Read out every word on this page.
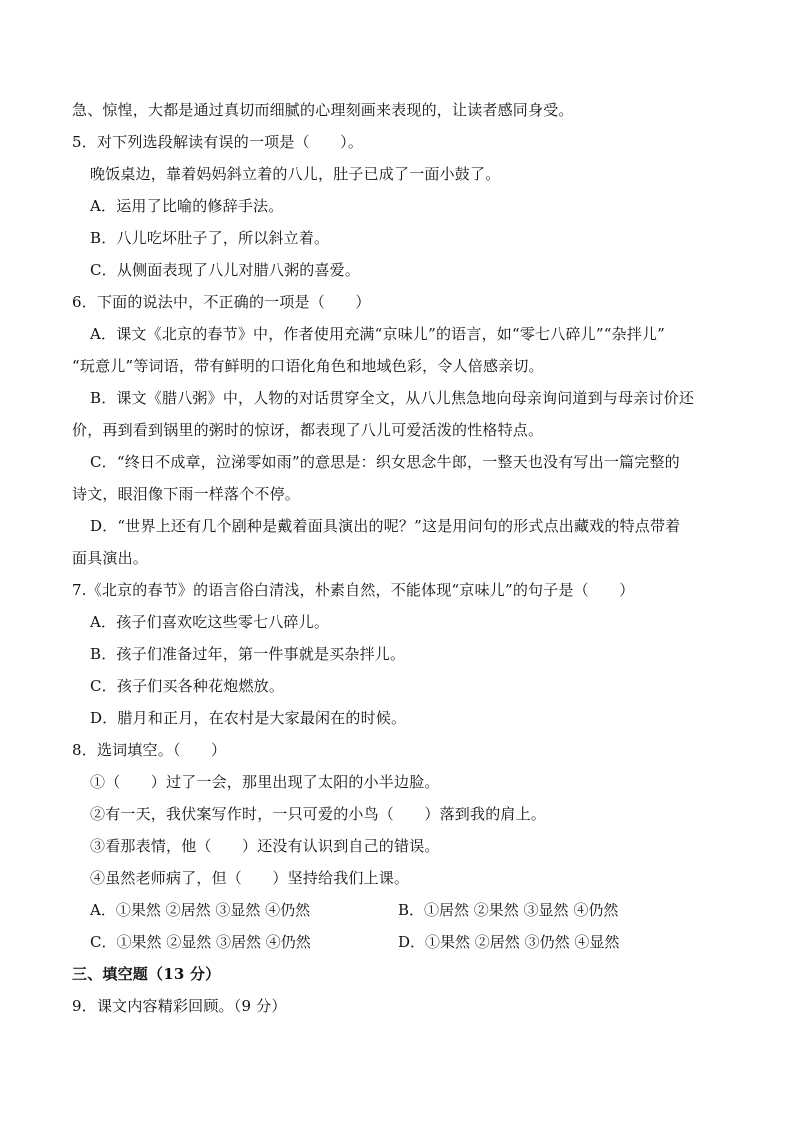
急、惊惶，大都是通过真切而细腻的心理刻画来表现的，让读者感同身受。
5．对下列选段解读有误的一项是（　　）。
晚饭桌边，靠着妈妈斜立着的八儿，肚子已成了一面小鼓了。
A．运用了比喻的修辞手法。
B．八儿吃坏肚子了，所以斜立着。
C．从侧面表现了八儿对腊八粥的喜爱。
6．下面的说法中，不正确的一项是（　　）
A．课文《北京的春节》中，作者使用充满“京味儿”的语言，如“零七八碎儿”“杂拌儿”
“玩意儿”等词语，带有鲜明的口语化角色和地域色彩，令人倍感亲切。
B．课文《腊八粥》中，人物的对话贯穿全文，从八儿焦急地向母亲询问道到与母亲讨价还
价，再到看到锅里的粥时的惊讶，都表现了八儿可爱活泼的性格特点。
C．“终日不成章，泣涕零如雨”的意思是：织女思念牛郎，一整天也没有写出一篇完整的
诗文，眼泪像下雨一样落个不停。
D．“世界上还有几个剧种是戴着面具演出的呢？”这是用问句的形式点出藏戏的特点带着
面具演出。
7.《北京的春节》的语言俗白清浅，朴素自然，不能体现“京味儿”的句子是（　　）
A．孩子们喜欢吃这些零七八碎儿。
B．孩子们准备过年，第一件事就是买杂拌儿。
C．孩子们买各种花炮燃放。
D．腊月和正月，在农村是大家最闲在的时候。
8．选词填空。（　　）
①（　　）过了一会，那里出现了太阳的小半边脸。
②有一天，我伏案写作时，一只可爱的小鸟（　　）落到我的肩上。
③看那表情，他（　　）还没有认识到自己的错误。
④虽然老师病了，但（　　）坚持给我们上课。
A．①果然 ②居然 ③显然 ④仍然	B．①居然 ②果然 ③显然 ④仍然
C．①果然 ②显然 ③居然 ④仍然	D．①果然 ②居然 ③仍然 ④显然
三、填空题（13 分）
9．课文内容精彩回顾。（9 分）
